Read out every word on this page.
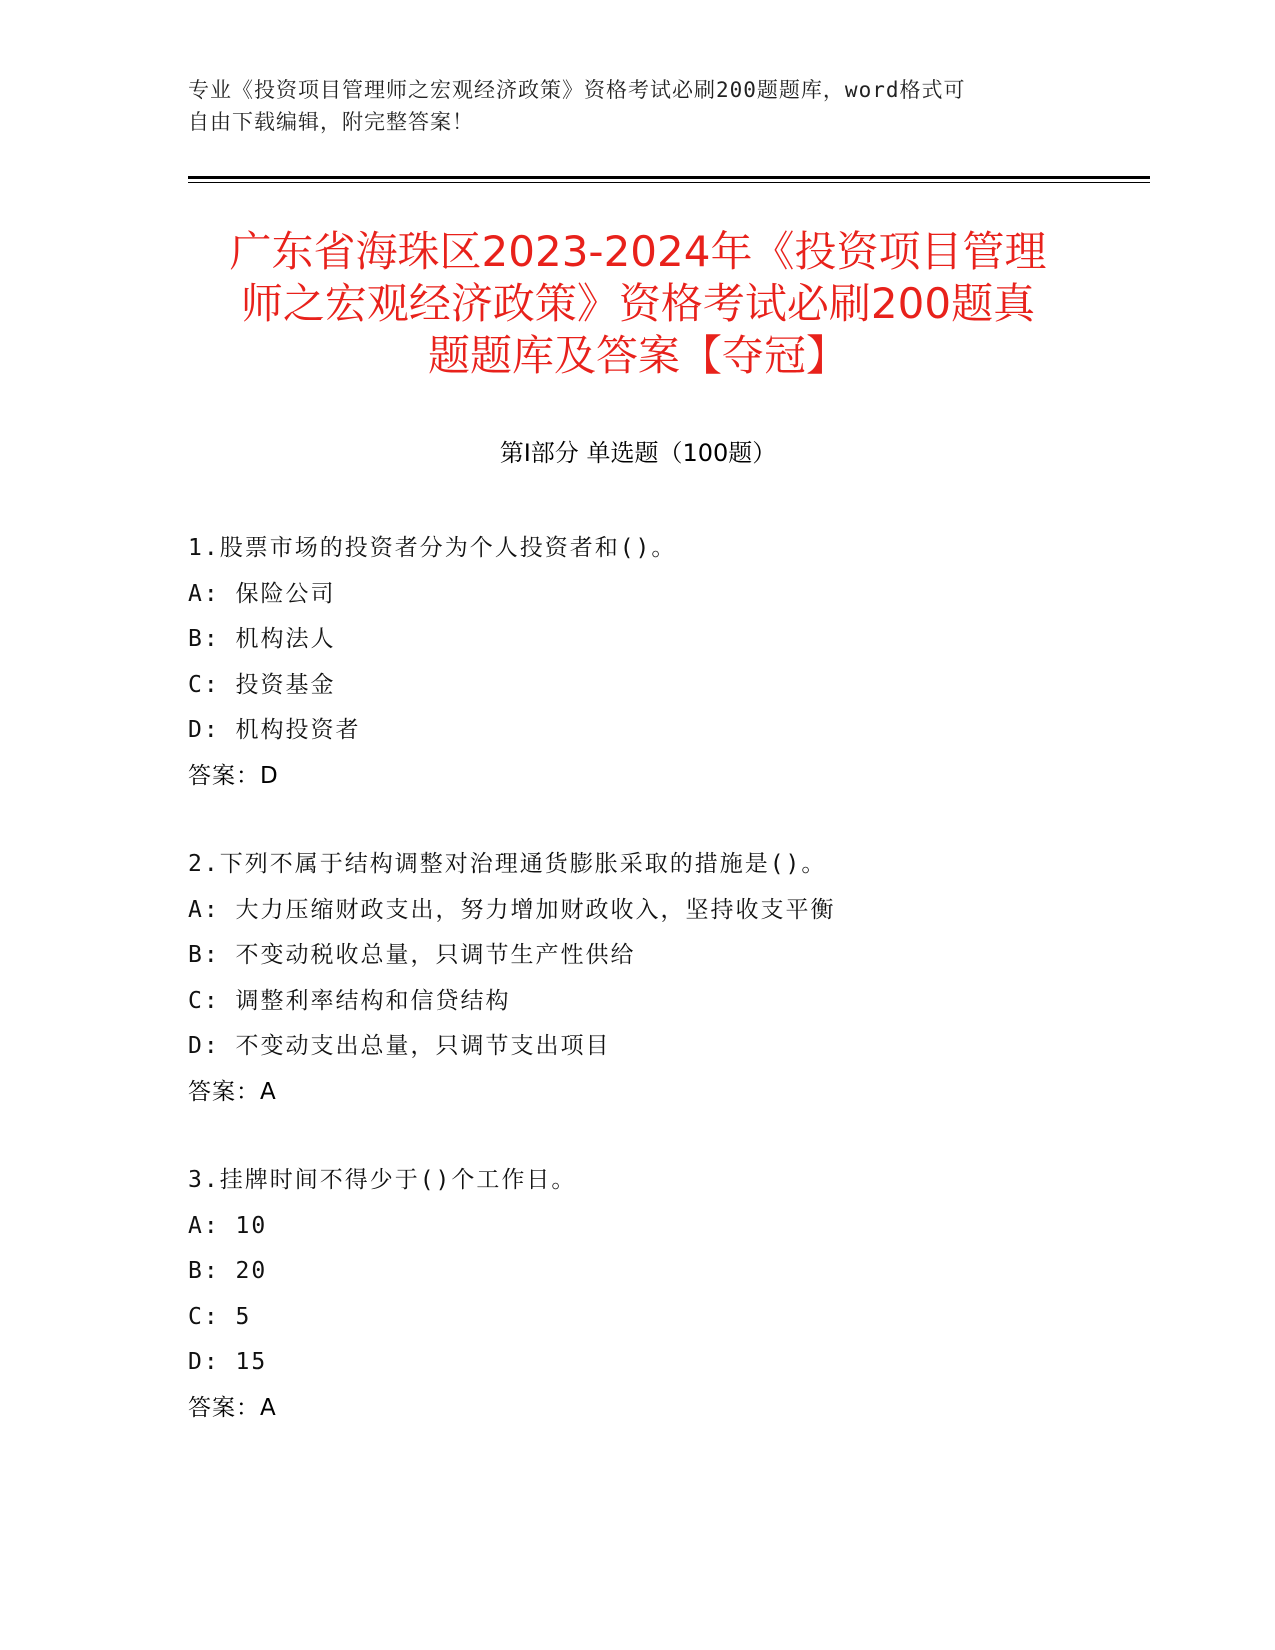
专业《投资项目管理师之宏观经济政策》资格考试必刷200题题库，word格式可
自由下载编辑，附完整答案！
广东省海珠区2023-2024年《投资项目管理
师之宏观经济政策》资格考试必刷200题真
题题库及答案【夺冠】
第Ⅰ部分 单选题（100题）
1.股票市场的投资者分为个人投资者和()。
A: 保险公司
B: 机构法人
C: 投资基金
D: 机构投资者
答案：D
2.下列不属于结构调整对治理通货膨胀采取的措施是()。
A: 大力压缩财政支出，努力增加财政收入，坚持收支平衡
B: 不变动税收总量，只调节生产性供给
C: 调整利率结构和信贷结构
D: 不变动支出总量，只调节支出项目
答案：A
3.挂牌时间不得少于()个工作日。
A: 10
B: 20
C: 5
D: 15
答案：A
